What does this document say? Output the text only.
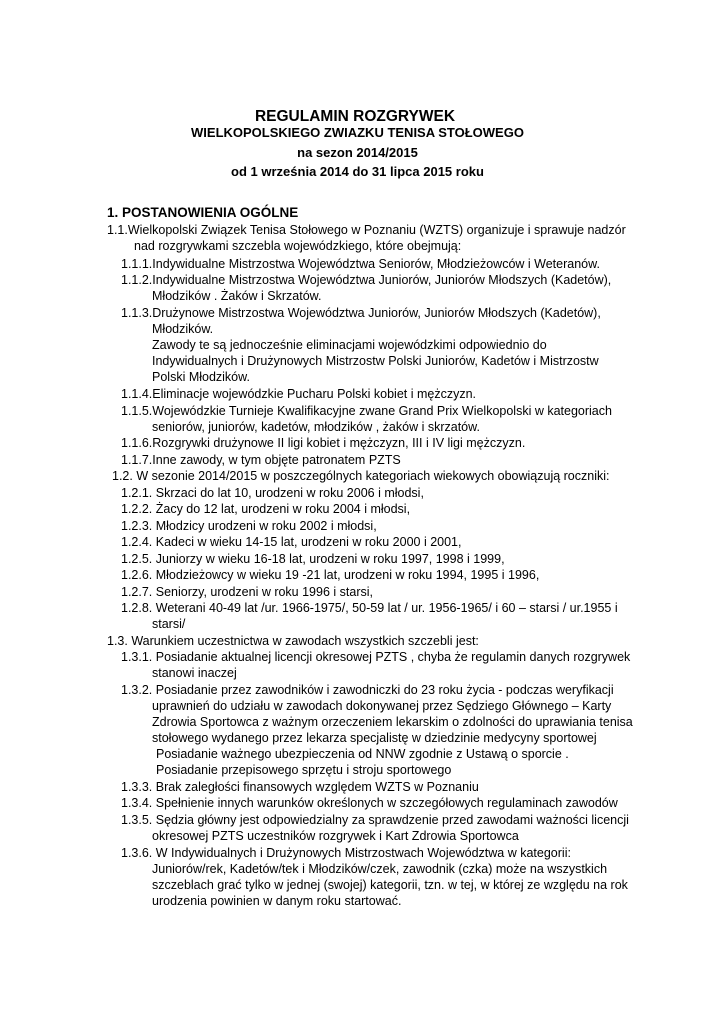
REGULAMIN ROZGRYWEK
WIELKOPOLSKIEGO ZWIAZKU TENISA STOŁOWEGO
na sezon 2014/2015
od 1 września 2014 do 31 lipca 2015 roku
1. POSTANOWIENIA OGÓLNE
1.1.Wielkopolski Związek Tenisa Stołowego w Poznaniu (WZTS) organizuje i sprawuje nadzór
nad rozgrywkami szczebla wojewódzkiego, które obejmują:
1.1.1.Indywidualne Mistrzostwa Województwa Seniorów, Młodzieżowców i Weteranów.
1.1.2.Indywidualne Mistrzostwa Województwa Juniorów, Juniorów Młodszych (Kadetów),
Młodzików . Żaków i Skrzatów.
1.1.3.Drużynowe Mistrzostwa Województwa Juniorów, Juniorów Młodszych (Kadetów),
Młodzików.
Zawody te są jednocześnie eliminacjami wojewódzkimi odpowiednio do
Indywidualnych i Drużynowych Mistrzostw Polski Juniorów, Kadetów i Mistrzostw
Polski Młodzików.
1.1.4.Eliminacje wojewódzkie Pucharu Polski kobiet i mężczyzn.
1.1.5.Wojewódzkie Turnieje Kwalifikacyjne zwane Grand Prix Wielkopolski w kategoriach
seniorów, juniorów, kadetów, młodzików , żaków i skrzatów.
1.1.6.Rozgrywki drużynowe II ligi kobiet i mężczyzn, III i IV ligi mężczyzn.
1.1.7.Inne zawody, w tym objęte patronatem PZTS
1.2. W sezonie 2014/2015 w poszczególnych kategoriach wiekowych obowiązują roczniki:
1.2.1. Skrzaci do lat 10, urodzeni w roku 2006 i młodsi,
1.2.2. Żacy do 12 lat, urodzeni w roku 2004 i młodsi,
1.2.3. Młodzicy urodzeni w roku 2002 i młodsi,
1.2.4. Kadeci w wieku 14-15 lat, urodzeni w roku 2000 i 2001,
1.2.5. Juniorzy w wieku 16-18 lat, urodzeni w roku 1997, 1998 i 1999,
1.2.6. Młodzieżowcy w wieku 19 -21 lat, urodzeni w roku 1994, 1995 i 1996,
1.2.7. Seniorzy, urodzeni w roku 1996 i starsi,
1.2.8. Weterani 40-49 lat /ur. 1966-1975/, 50-59 lat / ur. 1956-1965/ i 60 – starsi / ur.1955 i
starsi/
1.3. Warunkiem uczestnictwa w zawodach wszystkich szczebli jest:
1.3.1. Posiadanie aktualnej licencji okresowej PZTS , chyba że regulamin danych rozgrywek
stanowi inaczej
1.3.2. Posiadanie przez zawodników i zawodniczki do 23 roku życia - podczas weryfikacji
uprawnień do udziału w zawodach dokonywanej przez Sędziego Głównego – Karty
Zdrowia Sportowca z ważnym orzeczeniem lekarskim o zdolności do uprawiania tenisa
stołowego wydanego przez lekarza specjalistę w dziedzinie medycyny sportowej
Posiadanie ważnego ubezpieczenia od NNW zgodnie z Ustawą o sporcie .
Posiadanie przepisowego sprzętu i stroju sportowego
1.3.3. Brak zaległości finansowych względem WZTS w Poznaniu
1.3.4. Spełnienie innych warunków określonych w szczegółowych regulaminach zawodów
1.3.5. Sędzia główny jest odpowiedzialny za sprawdzenie przed zawodami ważności licencji
okresowej PZTS uczestników rozgrywek i Kart Zdrowia Sportowca
1.3.6. W Indywidualnych i Drużynowych Mistrzostwach Województwa w kategorii:
Juniorów/rek, Kadetów/tek i Młodzików/czek, zawodnik (czka) może na wszystkich
szczeblach grać tylko w jednej (swojej) kategorii, tzn. w tej, w której ze względu na rok
urodzenia powinien w danym roku startować.
